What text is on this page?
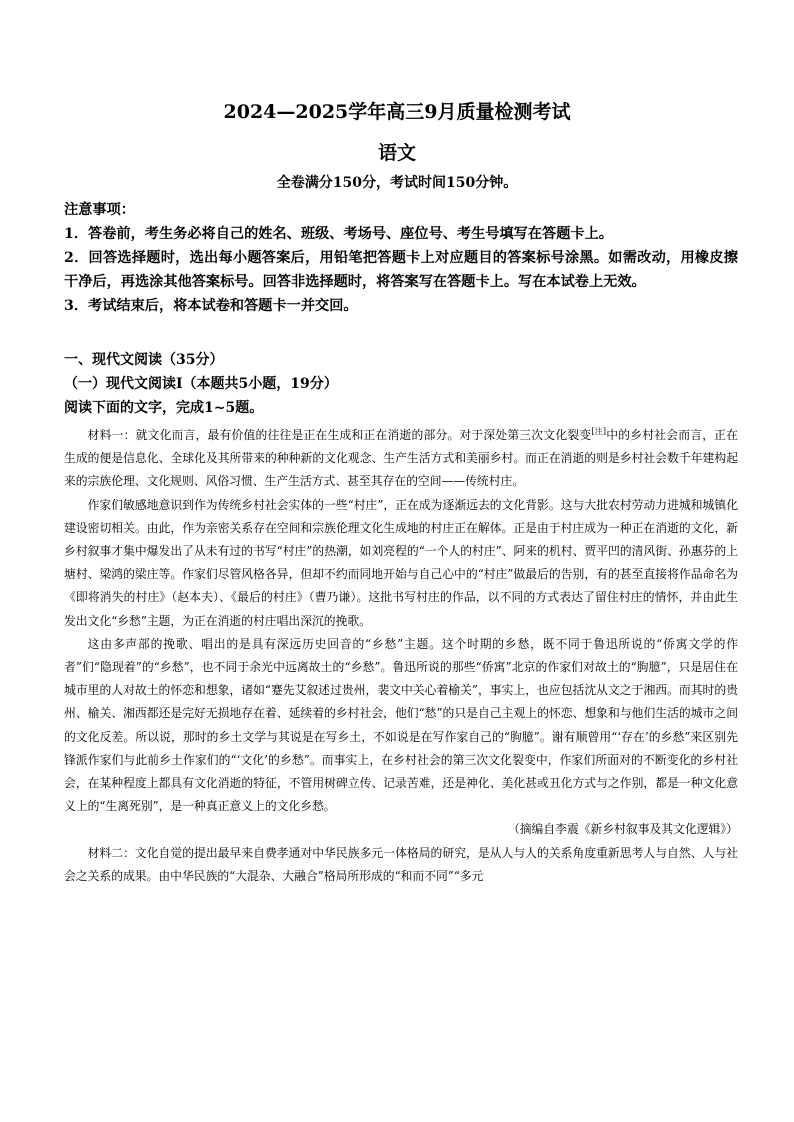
2024—2025学年高三9月质量检测考试
语文
全卷满分150分，考试时间150分钟。

注意事项：

1．答卷前，考生务必将自己的姓名、班级、考场号、座位号、考生号填写在答题卡上。

2．回答选择题时，选出每小题答案后，用铅笔把答题卡上对应题目的答案标号涂黑。如需改动，用橡皮擦干净后，再选涂其他答案标号。回答非选择题时，将答案写在答题卡上。写在本试卷上无效。

3．考试结束后，将本试卷和答题卡一并交回。

一、现代文阅读（35分）
（一）现代文阅读Ⅰ（本题共5小题，19分）
阅读下面的文字，完成1~5题。

材料一：就文化而言，最有价值的往往是正在生成和正在消逝的部分。对于深处第三次文化裂变[注]中的乡村社会而言，正在生成的便是信息化、全球化及其所带来的种种新的文化观念、生产生活方式和美丽乡村。而正在消逝的则是乡村社会数千年建构起来的宗族伦理、文化规则、风俗习惯、生产生活方式、甚至其存在的空间——传统村庄。

作家们敏感地意识到作为传统乡村社会实体的一些“村庄”，正在成为逐渐远去的文化背影。这与大批农村劳动力进城和城镇化建设密切相关。由此，作为亲密关系存在空间和宗族伦理文化生成地的村庄正在解体。正是由于村庄成为一种正在消逝的文化，新乡村叙事才集中爆发出了从未有过的书写“村庄”的热潮，如刘亮程的“一个人的村庄”、阿来的机村、贾平凹的清风街、孙惠芬的上塘村、梁鸿的梁庄等。作家们尽管风格各异，但却不约而同地开始与自己心中的“村庄”做最后的告别，有的甚至直接将作品命名为《即将消失的村庄》（赵本夫）、《最后的村庄》（曹乃谦）。这批书写村庄的作品，以不同的方式表达了留住村庄的情怀，并由此生发出文化“乡愁”主题，为正在消逝的村庄唱出深沉的挽歌。

这由多声部的挽歌、唱出的是具有深远历史回音的“乡愁”主题。这个时期的乡愁，既不同于鲁迅所说的“侨寓文学的作者”们“隐现着”的“乡愁”，也不同于余光中远离故土的“乡愁”。鲁迅所说的那些“侨寓”北京的作家们对故土的“朐臆”，只是居住在城市里的人对故土的怀恋和想象，诸如“蹇先艾叙述过贵州，裴文中关心着榆关”，事实上，也应包括沈从文之于湘西。而其时的贵州、榆关、湘西都还是完好无损地存在着、延续着的乡村社会，他们“愁”的只是自己主观上的怀恋、想象和与他们生活的城市之间的文化反差。所以说，那时的乡土文学与其说是在写乡土，不如说是在写作家自己的“朐臆”。谢有顺曾用“‘存在’的乡愁”来区别先锋派作家们与此前乡土作家们的“‘文化’的乡愁”。而事实上，在乡村社会的第三次文化裂变中，作家们所面对的不断变化的乡村社会，在某种程度上都具有文化消逝的特征，不管用树碑立传、记录苦难，还是神化、美化甚或丑化方式与之作别，都是一种文化意义上的“生离死别”，是一种真正意义上的文化乡愁。

（摘编自李震《新乡村叙事及其文化逻辑》）

材料二：文化自觉的提出最早来自费孝通对中华民族多元一体格局的研究，是从人与人的关系角度重新思考人与自然、人与社会之关系的成果。由中华民族的“大混杂、大融合”格局所形成的“和而不同”“多元
